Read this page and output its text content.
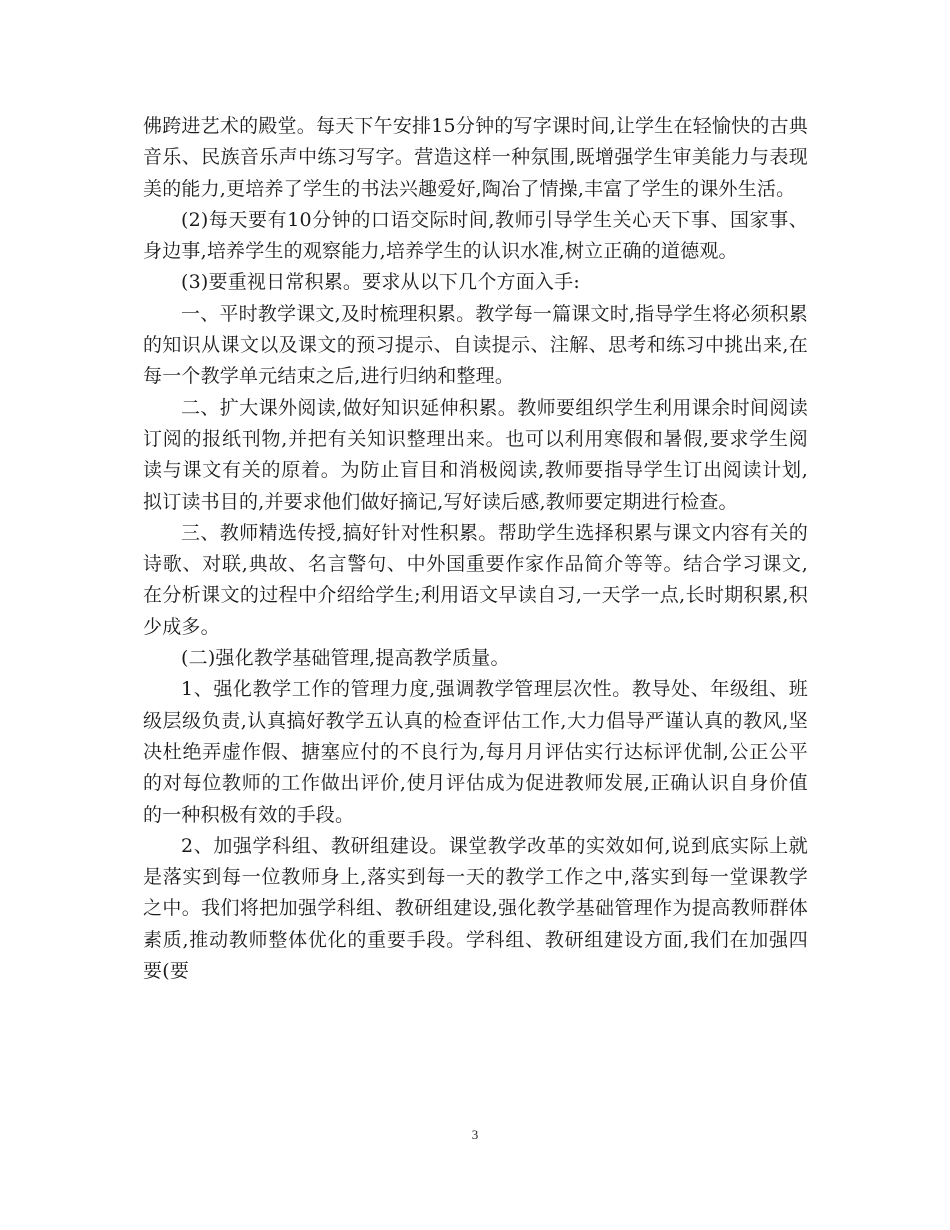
佛跨进艺术的殿堂。每天下午安排15分钟的写字课时间,让学生在轻愉快的古典音乐、民族音乐声中练习写字。营造这样一种氛围,既增强学生审美能力与表现美的能力,更培养了学生的书法兴趣爱好,陶冶了情操,丰富了学生的课外生活。

(2)每天要有10分钟的口语交际时间,教师引导学生关心天下事、国家事、身边事,培养学生的观察能力,培养学生的认识水准,树立正确的道德观。

(3)要重视日常积累。要求从以下几个方面入手:

一、平时教学课文,及时梳理积累。教学每一篇课文时,指导学生将必须积累的知识从课文以及课文的预习提示、自读提示、注解、思考和练习中挑出来,在每一个教学单元结束之后,进行归纳和整理。

二、扩大课外阅读,做好知识延伸积累。教师要组织学生利用课余时间阅读订阅的报纸刊物,并把有关知识整理出来。也可以利用寒假和暑假,要求学生阅读与课文有关的原着。为防止盲目和消极阅读,教师要指导学生订出阅读计划,拟订读书目的,并要求他们做好摘记,写好读后感,教师要定期进行检查。

三、教师精选传授,搞好针对性积累。帮助学生选择积累与课文内容有关的诗歌、对联,典故、名言警句、中外国重要作家作品简介等等。结合学习课文,在分析课文的过程中介绍给学生;利用语文早读自习,一天学一点,长时期积累,积少成多。

(二)强化教学基础管理,提高教学质量。

1、强化教学工作的管理力度,强调教学管理层次性。教导处、年级组、班级层级负责,认真搞好教学五认真的检查评估工作,大力倡导严谨认真的教风,坚决杜绝弄虚作假、搪塞应付的不良行为,每月月评估实行达标评优制,公正公平的对每位教师的工作做出评价,使月评估成为促进教师发展,正确认识自身价值的一种积极有效的手段。

2、加强学科组、教研组建设。课堂教学改革的实效如何,说到底实际上就是落实到每一位教师身上,落实到每一天的教学工作之中,落实到每一堂课教学之中。我们将把加强学科组、教研组建设,强化教学基础管理作为提高教师群体素质,推动教师整体优化的重要手段。学科组、教研组建设方面,我们在加强四要(要

3
